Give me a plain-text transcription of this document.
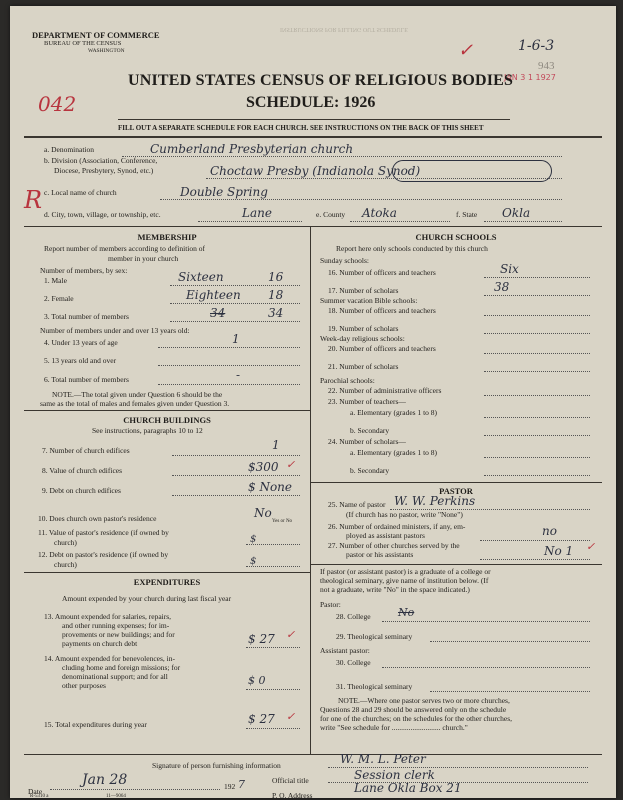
DEPARTMENT OF COMMERCE
BUREAU OF THE CENSUS
WASHINGTON
INSTRUCTIONS FOR FILLING OUT SCHEDULE
1-6-3
943
JAN 3 1 1927
✓
UNITED STATES CENSUS OF RELIGIOUS BODIES
SCHEDULE: 1926
042
FILL OUT A SEPARATE SCHEDULE FOR EACH CHURCH. SEE INSTRUCTIONS ON THE BACK OF THIS SHEET
R
a. Denomination	Cumberland Presbyterian church
b. Division (Association, Conference,
Diocese, Presbytery, Synod, etc.)	Choctaw Presby (Indianola Synod)
c. Local name of church	Double Spring
d. City, town, village, or township, etc.	Lane	e. County Atoka	f. State Okla
MEMBERSHIP
Report number of members according to definition of
member in your church
Number of members, by sex:
1. Male	Sixteen	16
2. Female	Eighteen 18
3. Total number of members	34	34
Number of members under and over 13 years old:
4. Under 13 years of age	1
5. 13 years old and over
6. Total number of members	-
NOTE.—The total given under Question 6 should be the
same as the total of males and females given under Question 3.
CHURCH BUILDINGS
See instructions, paragraphs 10 to 12
7. Number of church edifices	1
8. Value of church edifices	$300 ✓
9. Debt on church edifices	$ None
10. Does church own pastor's residence	No
Yes or No
11. Value of pastor's residence (if owned by
church)	$
12. Debt on pastor's residence (if owned by
church)	$
EXPENDITURES
Amount expended by your church during last fiscal year
13. Amount expended for salaries, repairs,
and other running expenses; for im-
provements or new buildings; and for
payments on church debt	$ 27 ✓
14. Amount expended for benevolences, in-
cluding home and foreign missions; for
denominational support; and for all
other purposes	$ 0
15. Total expenditures during year	$ 27 ✓
CHURCH SCHOOLS
Report here only schools conducted by this church
Sunday schools:
16. Number of officers and teachers	Six
17. Number of scholars	38
Summer vacation Bible schools:
18. Number of officers and teachers
19. Number of scholars
Week-day religious schools:
20. Number of officers and teachers
21. Number of scholars
Parochial schools:
22. Number of administrative officers
23. Number of teachers—
a. Elementary (grades 1 to 8)
b. Secondary
24. Number of scholars—
a. Elementary (grades 1 to 8)
b. Secondary
PASTOR
25. Name of pastor W. W. Perkins
(If church has no pastor, write "None")
26. Number of ordained ministers, if any, em-
ployed as assistant pastors	no
27. Number of other churches served by the
pastor or his assistants	No 1 ✓
If pastor (or assistant pastor) is a graduate of a college or
theological seminary, give name of institution below. (If
not a graduate, write "No" in the space indicated.)
Pastor:
28. College No
29. Theological seminary
Assistant pastor:
30. College
31. Theological seminary
NOTE.—Where one pastor serves two or more churches,
Questions 28 and 29 should be answered only on the schedule
for one of the churches; on the schedules for the other churches,
write "See schedule for .......................... church."
Signature of person furnishing information	W. M. L. Peter
Official title	Session clerk
Date
Jan 28	192 7
P. O. Address
Lane Okla Box 21
R-5310 a	11—9064
